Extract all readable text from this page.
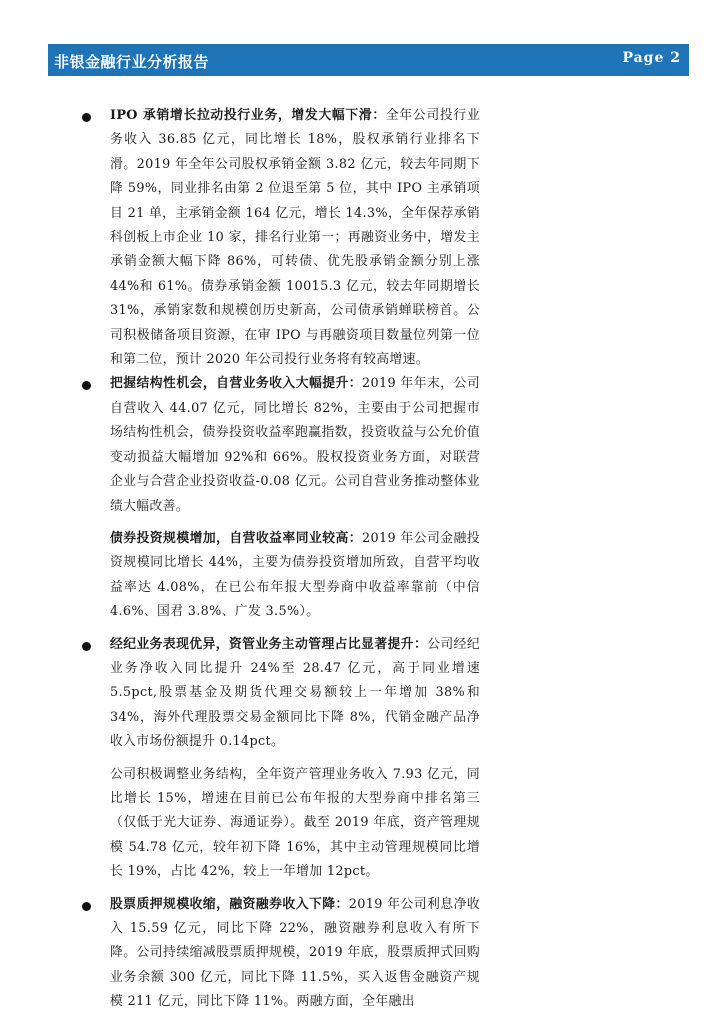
非银金融行业分析报告	Page 2

IPO 承销增长拉动投行业务，增发大幅下滑：全年公司投行业务收入 36.85 亿元，同比增长 18%，股权承销行业排名下滑。2019 年全年公司股权承销金额 3.82 亿元，较去年同期下降 59%，同业排名由第 2 位退至第 5 位，其中 IPO 主承销项目 21 单，主承销金额 164 亿元，增长 14.3%，全年保荐承销科创板上市企业 10 家，排名行业第一；再融资业务中，增发主承销金额大幅下降 86%，可转债、优先股承销金额分别上涨 44%和 61%。债券承销金额 10015.3 亿元，较去年同期增长 31%，承销家数和规模创历史新高，公司债承销蝉联榜首。公司积极储备项目资源，在审 IPO 与再融资项目数量位列第一位和第二位，预计 2020 年公司投行业务将有较高增速。

把握结构性机会，自营业务收入大幅提升：2019 年年末，公司自营收入 44.07 亿元，同比增长 82%，主要由于公司把握市场结构性机会，债券投资收益率跑赢指数，投资收益与公允价值变动损益大幅增加 92%和 66%。股权投资业务方面，对联营企业与合营企业投资收益-0.08 亿元。公司自营业务推动整体业绩大幅改善。

债券投资规模增加，自营收益率同业较高：2019 年公司金融投资规模同比增长 44%，主要为债券投资增加所致，自营平均收益率达 4.08%，在已公布年报大型券商中收益率靠前（中信 4.6%、国君 3.8%、广发 3.5%）。

经纪业务表现优异，资管业务主动管理占比显著提升：公司经纪业务净收入同比提升 24%至 28.47 亿元，高于同业增速 5.5pct,股票基金及期货代理交易额较上一年增加 38%和 34%，海外代理股票交易金额同比下降 8%，代销金融产品净收入市场份额提升 0.14pct。

公司积极调整业务结构，全年资产管理业务收入 7.93 亿元，同比增长 15%，增速在目前已公布年报的大型券商中排名第三（仅低于光大证券、海通证券）。截至 2019 年底，资产管理规模 54.78 亿元，较年初下降 16%，其中主动管理规模同比增长 19%，占比 42%，较上一年增加 12pct。

股票质押规模收缩，融资融券收入下降：2019 年公司利息净收入 15.59 亿元，同比下降 22%，融资融券利息收入有所下降。公司持续缩减股票质押规模，2019 年底，股票质押式回购业务余额 300 亿元，同比下降 11.5%，买入返售金融资产规模 211 亿元，同比下降 11%。两融方面，全年融出
